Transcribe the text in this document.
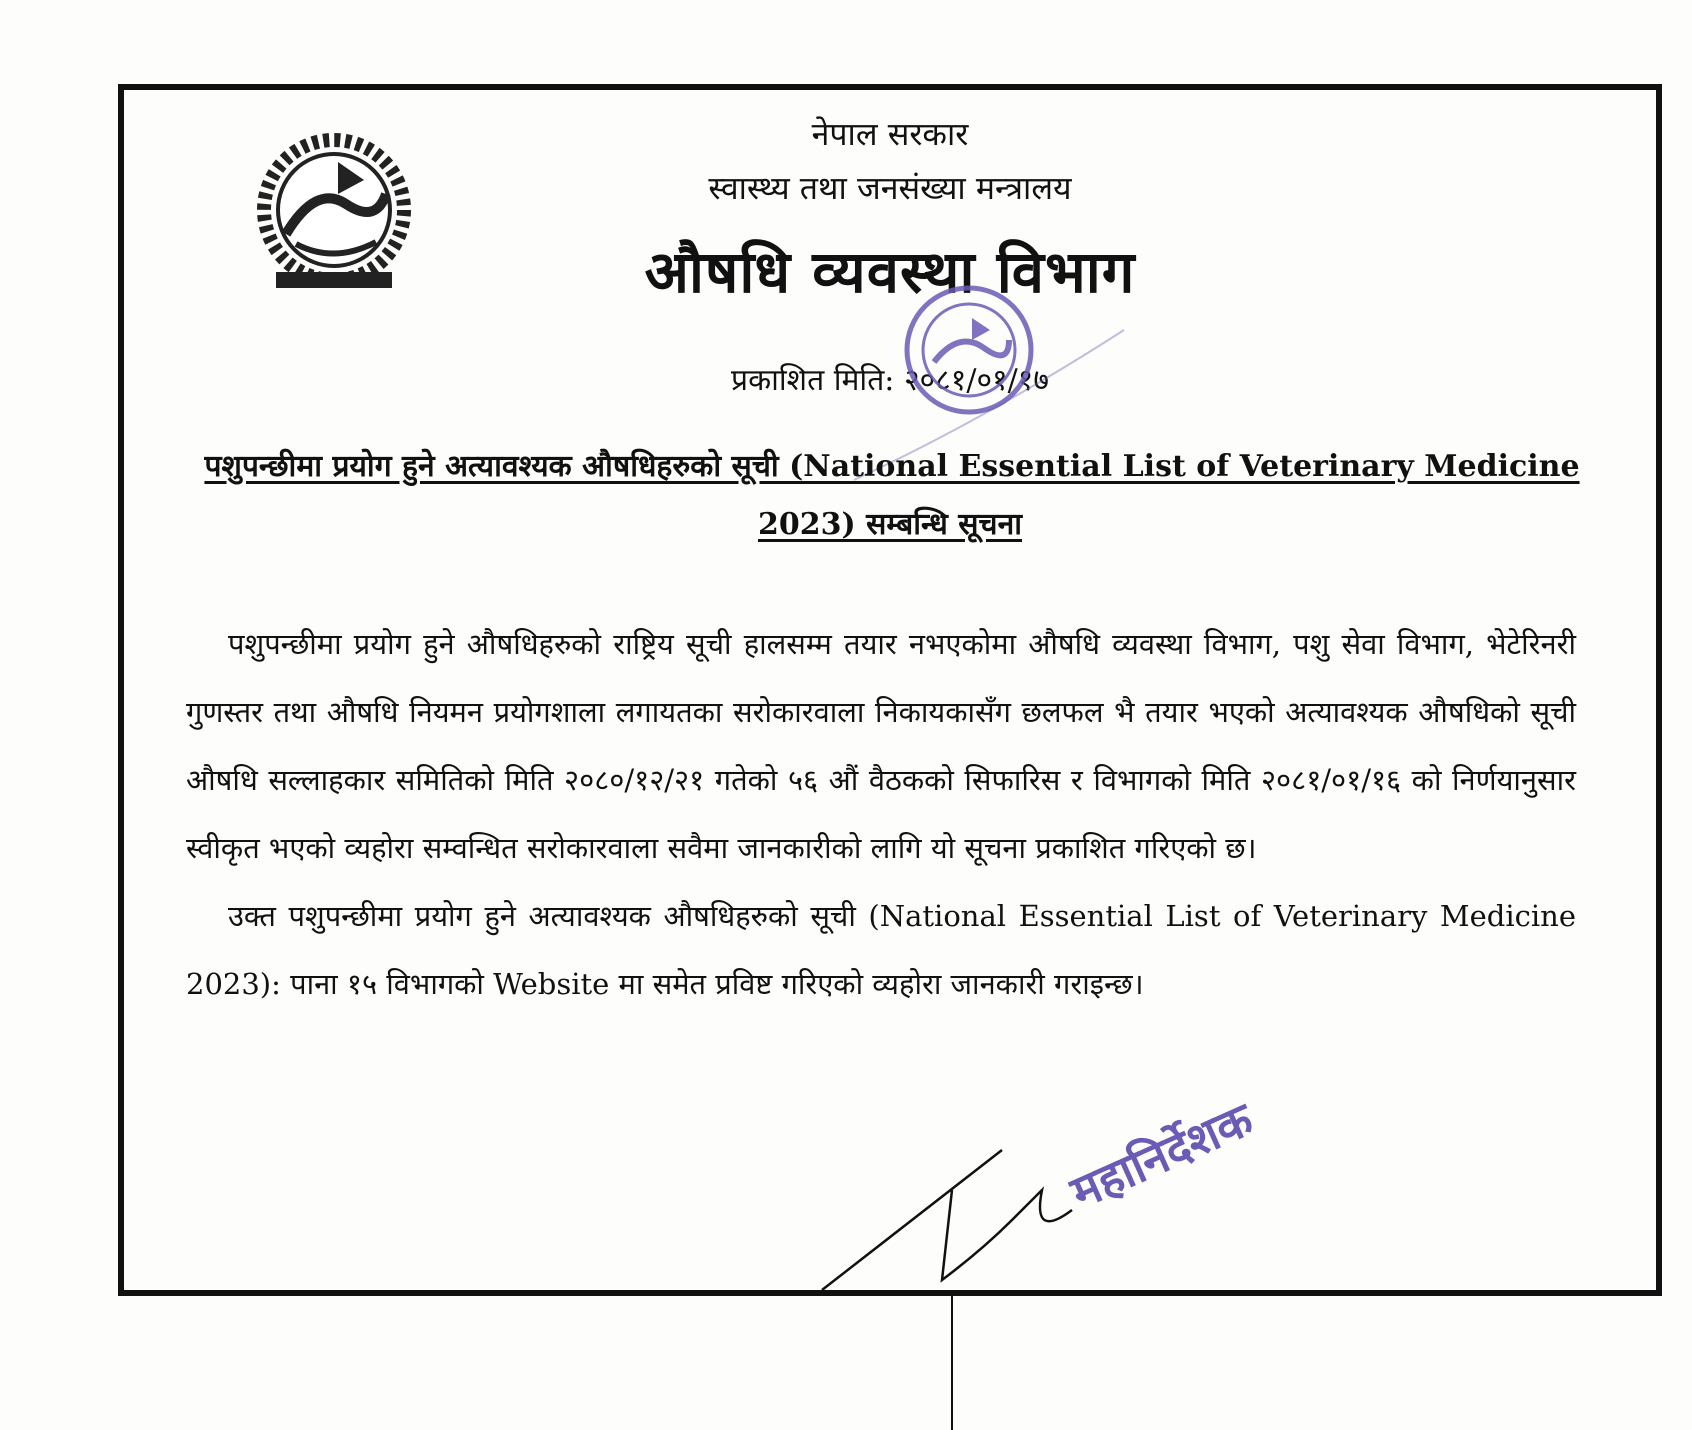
नेपाल सरकार
स्वास्थ्य तथा जनसंख्या मन्त्रालय
औषधि व्यवस्था विभाग
प्रकाशित मिति: २०८१/०१/१७
पशुपन्छीमा प्रयोग हुने अत्यावश्यक औषधिहरुको सूची (National Essential List of Veterinary Medicine
2023) सम्बन्धि सूचना

पशुपन्छीमा प्रयोग हुने औषधिहरुको राष्ट्रिय सूची हालसम्म तयार नभएकोमा औषधि व्यवस्था विभाग, पशु सेवा विभाग, भेटेरिनरी गुणस्तर तथा औषधि नियमन प्रयोगशाला लगायतका सरोकारवाला निकायकासँग छलफल भै तयार भएको अत्यावश्यक औषधिको सूची औषधि सल्लाहकार समितिको मिति २०८०/१२/२१ गतेको ५६ औं वैठकको सिफारिस र विभागको मिति २०८१/०१/१६ को निर्णयानुसार स्वीकृत भएको व्यहोरा सम्वन्धित सरोकारवाला सवैमा जानकारीको लागि यो सूचना प्रकाशित गरिएको छ।

उक्त पशुपन्छीमा प्रयोग हुने अत्यावश्यक औषधिहरुको सूची (National Essential List of Veterinary Medicine 2023): पाना १५ विभागको Website मा समेत प्रविष्ट गरिएको व्यहोरा जानकारी गराइन्छ।

महानिर्देशक
